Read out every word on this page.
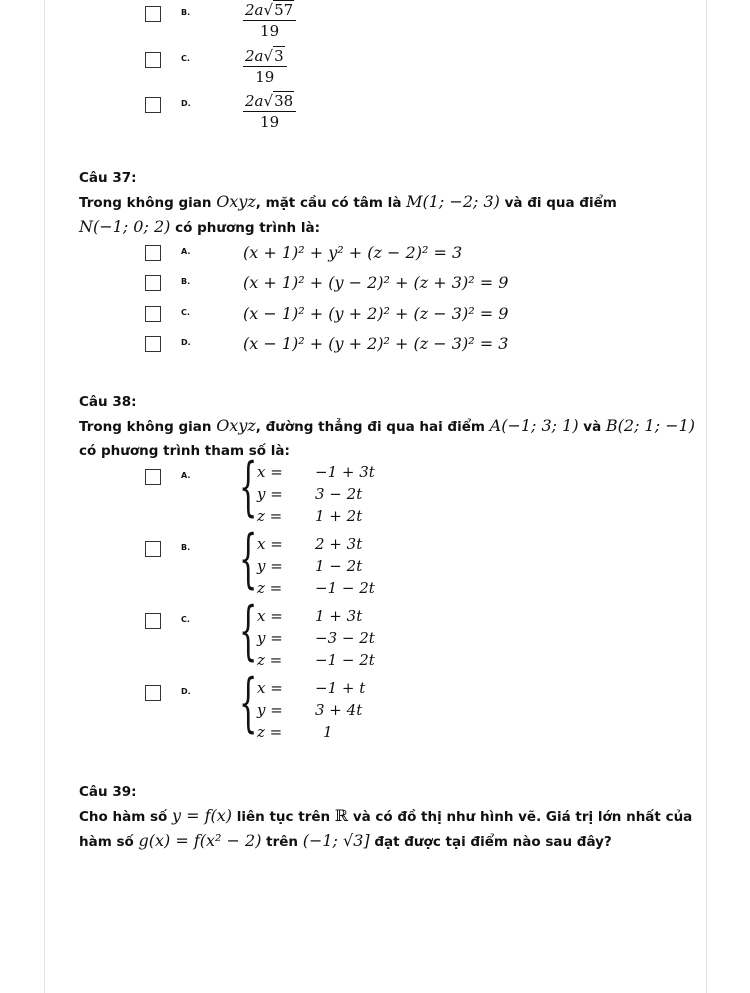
B.	$\frac{2a√57}{19}$
C.	$\frac{2a√3}{19}$
D.	$\frac{2a√38}{19}$
Câu 37:
Trong không gian Oxyz, mặt cầu có tâm là M(1; −2; 3) và đi qua điểm
N(−1; 0; 2) có phương trình là:
A.	(x + 1)² + y² + (z − 2)² = 3
B.	(x + 1)² + (y − 2)² + (z + 3)² = 9
C.	(x − 1)² + (y + 2)² + (z − 3)² = 9
D.	(x − 1)² + (y + 2)² + (z − 3)² = 3
Câu 38:
Trong không gian Oxyz, đường thẳng đi qua hai điểm A(−1; 3; 1) và B(2; 1; −1)
có phương trình tham số là:
A. { x = −1 + 3t
y = 3 − 2t
z = 1 + 2t
B. { x = 2 + 3t
y = 1 − 2t
z = −1 − 2t
C. { x = 1 + 3t
y = −3 − 2t
z = −1 − 2t
D. { x = −1 + t
y = 3 + 4t
z =	1
Câu 39:
Cho hàm số y = f(x) liên tục trên ℝ và có đồ thị như hình vẽ. Giá trị lớn nhất của
hàm số g(x) = f(x² − 2) trên (−1; √3] đạt được tại điểm nào sau đây?
